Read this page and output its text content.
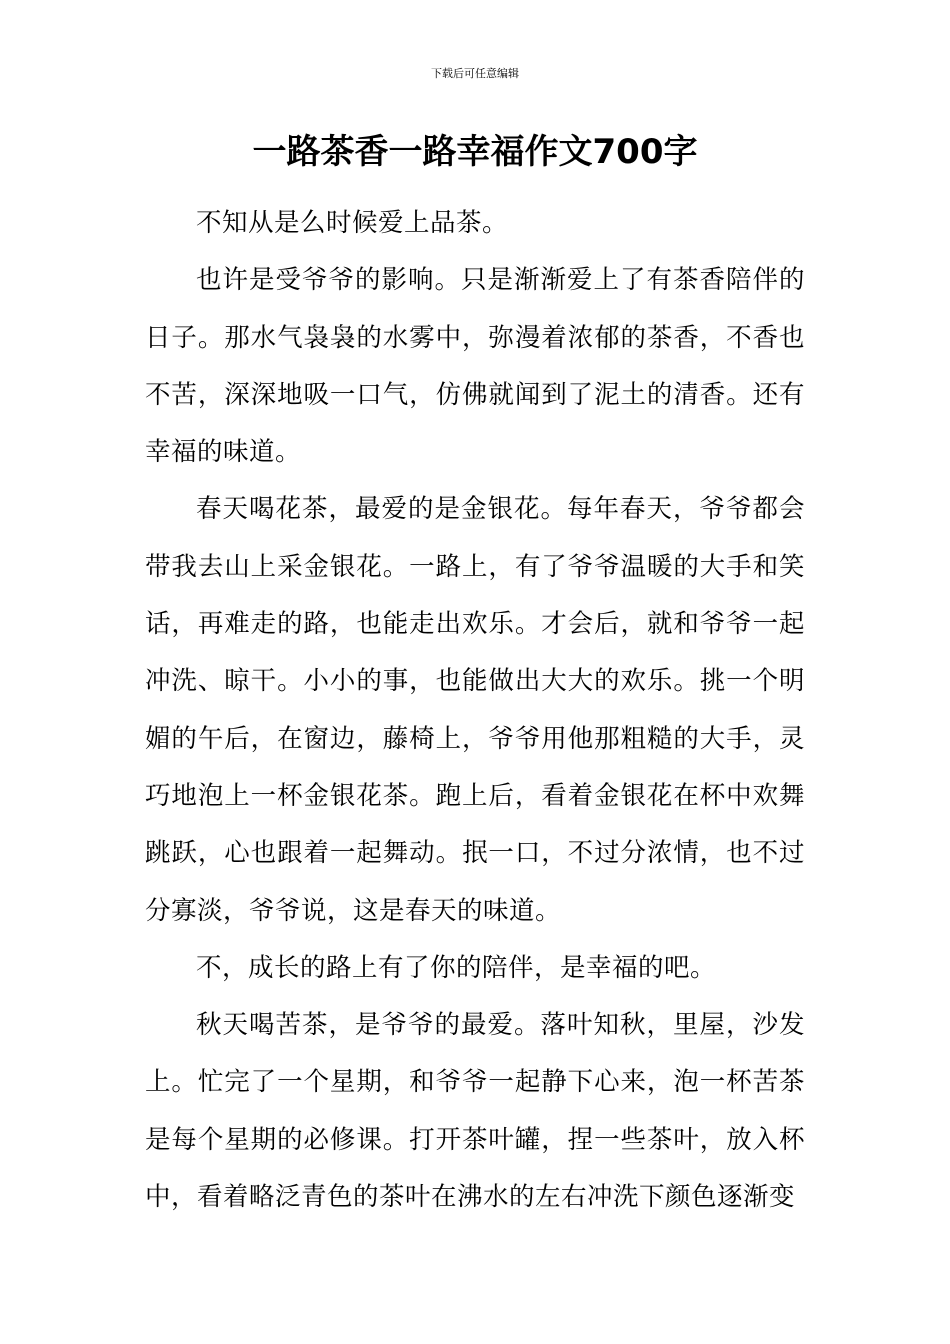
下载后可任意编辑
一路茶香一路幸福作文700字

不知从是么时候爱上品茶。

也许是受爷爷的影响。只是渐渐爱上了有茶香陪伴的日子。那水气袅袅的水雾中，弥漫着浓郁的茶香，不香也不苦，深深地吸一口气，仿佛就闻到了泥土的清香。还有幸福的味道。

春天喝花茶，最爱的是金银花。每年春天，爷爷都会带我去山上采金银花。一路上，有了爷爷温暖的大手和笑话，再难走的路，也能走出欢乐。才会后，就和爷爷一起冲洗、晾干。小小的事，也能做出大大的欢乐。挑一个明媚的午后，在窗边，藤椅上，爷爷用他那粗糙的大手，灵巧地泡上一杯金银花茶。跑上后，看着金银花在杯中欢舞跳跃，心也跟着一起舞动。抿一口，不过分浓情，也不过分寡淡，爷爷说，这是春天的味道。

不，成长的路上有了你的陪伴，是幸福的吧。

秋天喝苦茶，是爷爷的最爱。落叶知秋，里屋，沙发上。忙完了一个星期，和爷爷一起静下心来，泡一杯苦茶是每个星期的必修课。打开茶叶罐，捏一些茶叶，放入杯中，看着略泛青色的茶叶在沸水的左右冲洗下颜色逐渐变
